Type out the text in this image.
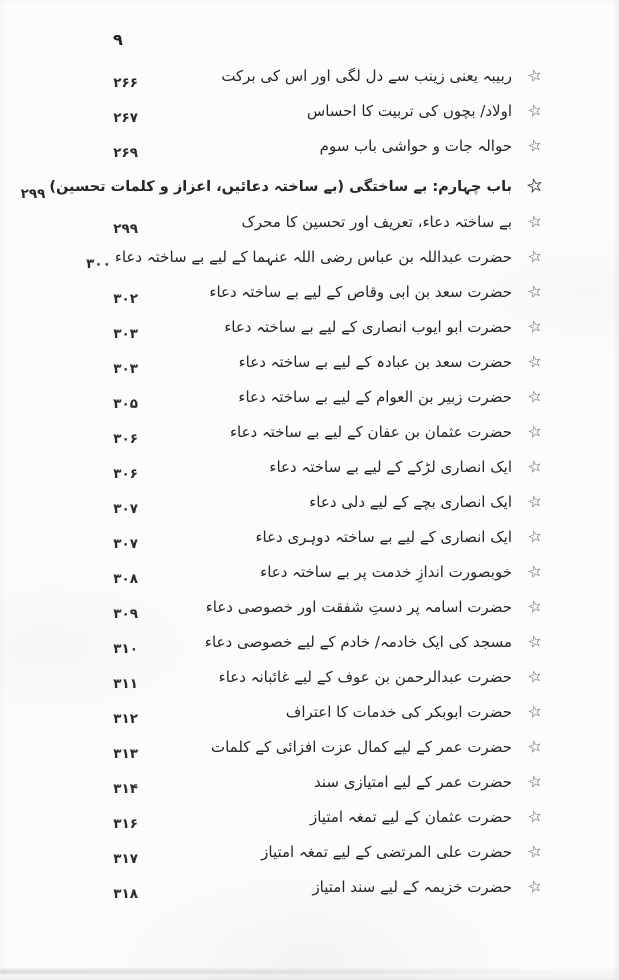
۹
☆
ربیبہ یعنی زینب سے دل لگی اور اس کی برکت
۲۶۶
☆
اولاد/ بچوں کی تربیت کا احساس
۲۶۷
☆
حوالہ جات و حواشی باب سوم
۲۶۹
☆
باب چہارم: بے ساختگی (بے ساختہ دعائیں، اعزاز و کلمات تحسین)
۲۹۹
☆
بے ساختہ دعاء، تعریف اور تحسین کا محرک
۲۹۹
☆
حضرت عبداللہ بن عباس رضی اللہ عنہما کے لیے بے ساختہ دعاء
۳۰۰
☆
حضرت سعد بن ابی وقاص کے لیے بے ساختہ دعاء
۳۰۲
☆
حضرت ابو ایوب انصاری کے لیے بے ساختہ دعاء
۳۰۳
☆
حضرت سعد بن عبادہ کے لیے بے ساختہ دعاء
۳۰۳
☆
حضرت زبیر بن العوام کے لیے بے ساختہ دعاء
۳۰۵
☆
حضرت عثمان بن عفان کے لیے بے ساختہ دعاء
۳۰۶
☆
ایک انصاری لڑکے کے لیے بے ساختہ دعاء
۳۰۶
☆
ایک انصاری بچے کے لیے دلی دعاء
۳۰۷
☆
ایک انصاری کے لیے بے ساختہ دوہری دعاء
۳۰۷
☆
خوبصورت اندازِ خدمت پر بے ساختہ دعاء
۳۰۸
☆
حضرت اسامہ پر دستِ شفقت اور خصوصی دعاء
۳۰۹
☆
مسجد کی ایک خادمہ/ خادم کے لیے خصوصی دعاء
۳۱۰
☆
حضرت عبدالرحمن بن عوف کے لیے غائبانہ دعاء
۳۱۱
☆
حضرت ابوبکر کی خدمات کا اعتراف
۳۱۲
☆
حضرت عمر کے لیے کمال عزت افزائی کے کلمات
۳۱۳
☆
حضرت عمر کے لیے امتیازی سند
۳۱۴
☆
حضرت عثمان کے لیے تمغہ امتیاز
۳۱۶
☆
حضرت علی المرتضی کے لیے تمغہ امتیاز
۳۱۷
☆
حضرت خزیمہ کے لیے سند امتیاز
۳۱۸
